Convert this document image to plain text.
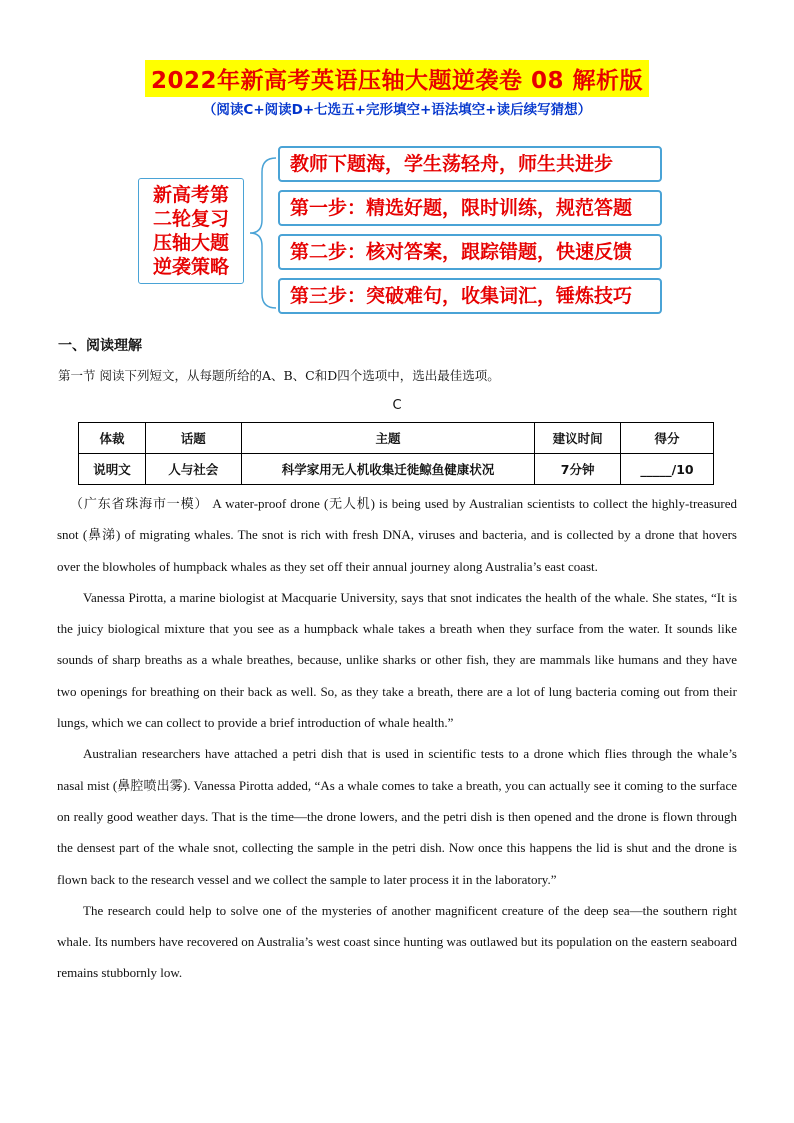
2022年新高考英语压轴大题逆袭卷 08 解析版
（阅读C+阅读D+七选五+完形填空+语法填空+读后续写猜想）
新高考第
二轮复习
压轴大题
逆袭策略
教师下题海，学生荡轻舟，师生共进步
第一步：精选好题，限时训练，规范答题
第二步：核对答案，跟踪错题，快速反馈
第三步：突破难句，收集词汇，锤炼技巧
一、阅读理解
第一节 阅读下列短文，从每题所给的A、B、C和D四个选项中，选出最佳选项。
C
体裁	话题	主题	建议时间	得分
说明文	人与社会	科学家用无人机收集迁徙鲸鱼健康状况	7分钟	_____/10

（广东省珠海市一模） A water-proof drone (无人机) is being used by Australian scientists to collect the highly-treasured snot (鼻涕) of migrating whales. The snot is rich with fresh DNA, viruses and bacteria, and is collected by a drone that hovers over the blowholes of humpback whales as they set off their annual journey along Australia’s east coast.

Vanessa Pirotta, a marine biologist at Macquarie University, says that snot indicates the health of the whale. She states, “It is the juicy biological mixture that you see as a humpback whale takes a breath when they surface from the water. It sounds like sounds of sharp breaths as a whale breathes, because, unlike sharks or other fish, they are mammals like humans and they have two openings for breathing on their back as well. So, as they take a breath, there are a lot of lung bacteria coming out from their lungs, which we can collect to provide a brief introduction of whale health.”

Australian researchers have attached a petri dish that is used in scientific tests to a drone which flies through the whale’s nasal mist (鼻腔喷出雾). Vanessa Pirotta added, “As a whale comes to take a breath, you can actually see it coming to the surface on really good weather days. That is the time—the drone lowers, and the petri dish is then opened and the drone is flown through the densest part of the whale snot, collecting the sample in the petri dish. Now once this happens the lid is shut and the drone is flown back to the research vessel and we collect the sample to later process it in the laboratory.”

The research could help to solve one of the mysteries of another magnificent creature of the deep sea—the southern right whale. Its numbers have recovered on Australia’s west coast since hunting was outlawed but its population on the eastern seaboard remains stubbornly low.
